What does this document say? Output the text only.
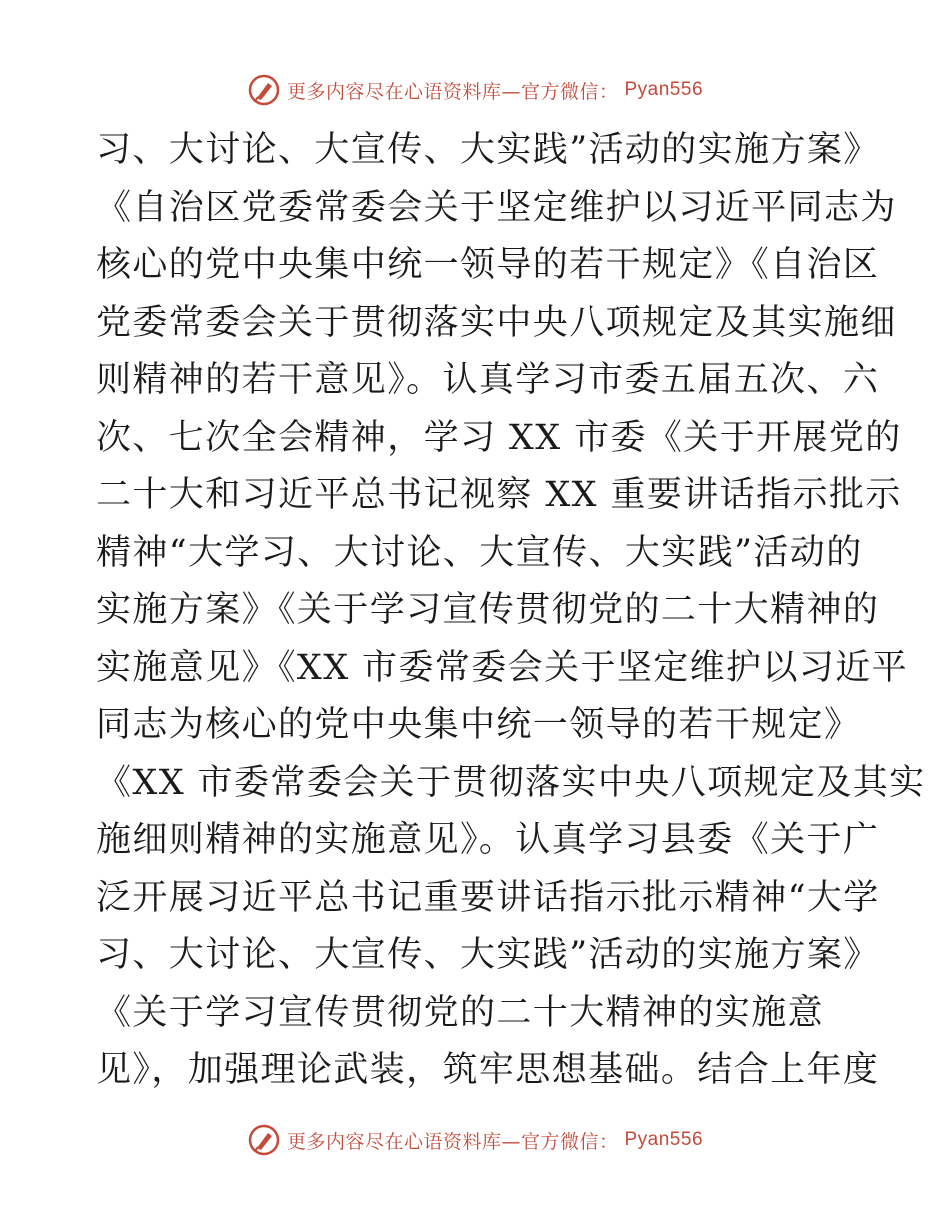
更多内容尽在心语资料库—官方微信： Pyan556
习、大讨论、大宣传、大实践”活动的实施方案》
《自治区党委常委会关于坚定维护以习近平同志为
核心的党中央集中统一领导的若干规定》《自治区
党委常委会关于贯彻落实中央八项规定及其实施细
则精神的若干意见》。认真学习市委五届五次、六
次、七次全会精神，学习 XX 市委《关于开展党的
二十大和习近平总书记视察 XX 重要讲话指示批示
精神“大学习、大讨论、大宣传、大实践”活动的
实施方案》《关于学习宣传贯彻党的二十大精神的
实施意见》《XX 市委常委会关于坚定维护以习近平
同志为核心的党中央集中统一领导的若干规定》
《XX 市委常委会关于贯彻落实中央八项规定及其实
施细则精神的实施意见》。认真学习县委《关于广
泛开展习近平总书记重要讲话指示批示精神“大学
习、大讨论、大宣传、大实践”活动的实施方案》
《关于学习宣传贯彻党的二十大精神的实施意
见》，加强理论武装，筑牢思想基础。结合上年度
更多内容尽在心语资料库—官方微信： Pyan556
